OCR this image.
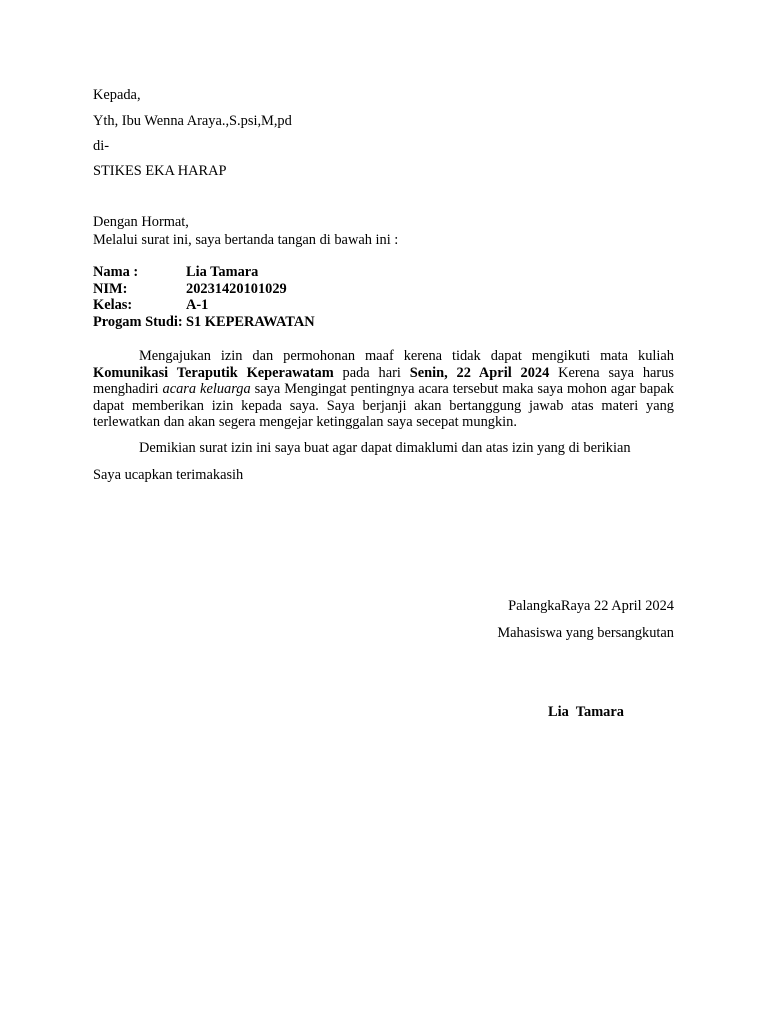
Kepada,
Yth, Ibu Wenna Araya.,S.psi,M,pd
di-
STIKES EKA HARAP
Dengan Hormat,
Melalui surat ini, saya bertanda tangan di bawah ini :
Nama :	Lia Tamara
NIM:	20231420101029
Kelas:	A-1
Progam Studi: S1 KEPERAWATAN
Mengajukan izin dan permohonan maaf kerena tidak dapat mengikuti mata kuliah
Komunikasi Teraputik Keperawatam pada hari Senin, 22 April 2024 Kerena saya harus
menghadiri acara keluarga saya Mengingat pentingnya acara tersebut maka saya mohon agar bapak
dapat memberikan izin kepada saya. Saya berjanji akan bertanggung jawab atas materi yang
terlewatkan dan akan segera mengejar ketinggalan saya secepat mungkin.
Demikian surat izin ini saya buat agar dapat dimaklumi dan atas izin yang di berikian
Saya ucapkan terimakasih
PalangkaRaya 22 April 2024
Mahasiswa yang bersangkutan
Lia  Tamara
